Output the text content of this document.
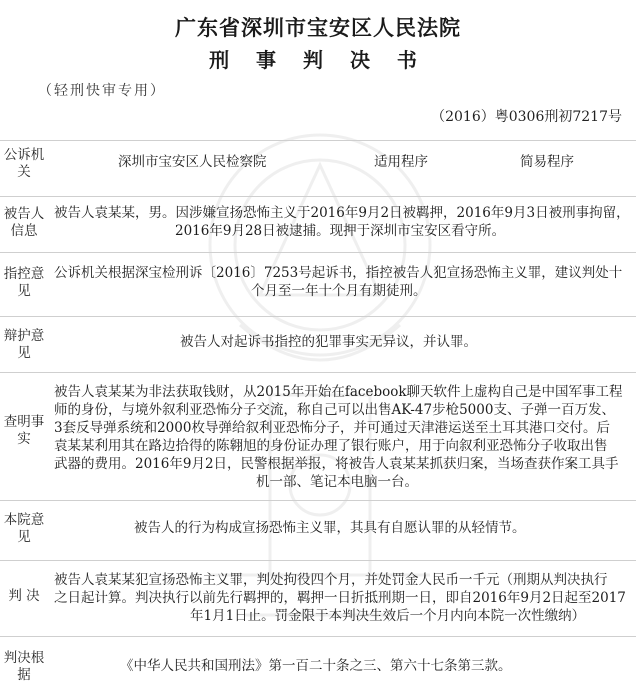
广东省深圳市宝安区人民法院
刑 事 判 决 书
（轻刑快审专用）
（2016）粤0306刑初7217号
公诉机关
深圳市宝安区人民检察院	适用程序	简易程序
被告人信息
被告人袁某某，男。因涉嫌宣扬恐怖主义于2016年9月2日被羁押，2016年9月3日被刑事拘留，
2016年9月28日被逮捕。现押于深圳市宝安区看守所。
指控意见
公诉机关根据深宝检刑诉〔2016〕7253号起诉书，指控被告人犯宣扬恐怖主义罪，建议判处十
个月至一年十个月有期徒刑。
辩护意见
被告人对起诉书指控的犯罪事实无异议，并认罪。
查明事实
被告人袁某某为非法获取钱财，从2015年开始在facebook聊天软件上虚构自己是中国军事工程
师的身份，与境外叙利亚恐怖分子交流，称自己可以出售AK-47步枪5000支、子弹一百万发、
3套反导弹系统和2000枚导弹给叙利亚恐怖分子，并可通过天津港运送至土耳其港口交付。后
袁某某利用其在路边拾得的陈翱旭的身份证办理了银行账户，用于向叙利亚恐怖分子收取出售
武器的费用。2016年9月2日，民警根据举报，将被告人袁某某抓获归案，当场查获作案工具手
机一部、笔记本电脑一台。
本院意见
被告人的行为构成宣扬恐怖主义罪，其具有自愿认罪的从轻情节。
判 决
被告人袁某某犯宣扬恐怖主义罪，判处拘役四个月，并处罚金人民币一千元（刑期从判决执行
之日起计算。判决执行以前先行羁押的，羁押一日折抵刑期一日，即自2016年9月2日起至2017
年1月1日止。罚金限于本判决生效后一个月内向本院一次性缴纳）
判决根据
《中华人民共和国刑法》第一百二十条之三、第六十七条第三款。
